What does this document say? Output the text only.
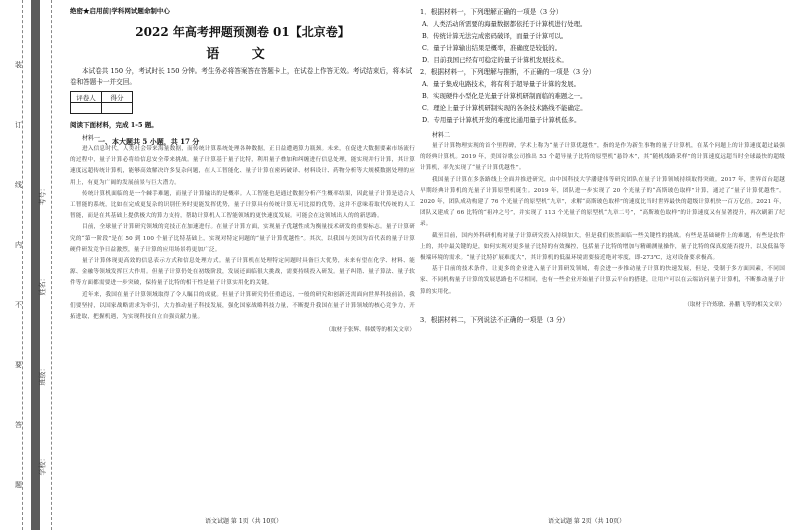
考号：
姓名：
班级：
学校：
装
订
线
内
不
要
答
题
绝密★启用前|学科网试题命制中心
2022 年高考押题预测卷 01【北京卷】
语 文
本试卷共 150 分，考试时长 150 分钟。考生务必将答案答在答题卡上，在试卷上作答无效。考试结束后，将本试卷和答题卡一并交回。
评卷人	得分

阅读下面材料，完成 1-5 题。
材料一
进入信息时代，人类社会带来海量数据，而传统计算系统处理各种数据，正日益遭遇算力瓶颈。未来，在促进大数据要素市场流行的过程中，量子计算必将给信息安全带来挑战。量子计算基于量子比特，利用量子叠加和纠缠进行信息处理，能实现并行计算，其计算速度远超传统计算机，能够高效解决许多复杂问题，在人工智能化、量子计算在密码破译、材料设计、药物分析等大规模数据处理的应用上，有更为广阔的发展前景与巨大潜力。
传统计算机面临的是一个棘手难题，而量子计算输出的是概率。人工智能也是通过数据分析产生概率结果，因此量子计算是适合人工智能的系统，比如在完成更复杂的识别任务时更能发挥优势，量子计算具有传统计算无可比拟的优势，这并不意味着取代传统的人工智能，而是在其基础上提供极大的算力支持，帮助计算机人工智能领域的更快速度发展。可能会在这领域出人的的新思路。
目前，全球量子计算研究领域的竞技正在加速进行。在量子计算方面，实现量子优越性成为衡量技术研发的重要标志。量子计算研究的“第一阶段”是在 50 到 100 个量子比特基础上，实现对特定问题的“量子计算优越性”。其次，以我国与美国为首代表的量子计算硬件研发竞争日益激烈，量子计算的应用场景将更加广泛。
量子计算体现更高效的信息表示方式和信息处理方式。量子计算机在处理特定问题时具备巨大优势，未来有望在化学、材料、能源、金融等领域发挥巨大作用。但量子计算仍处在初级阶段，发展还面临很大挑战，需要持续投入研发。量子纠错、量子算法、量子软件等方面都需要进一步突破，保持量子比特的相干性是量子计算实用化的关键。
近年来，我国在量子计算领域取得了令人瞩目的成就。但量子计算研究仍任重道远，一般的研究和创新还需面向世界科技前沿，我们要坚持，以国家战略需求为牵引，大力推动量子科技发展，强化国家战略科技力量，不断提升我国在量子计算领域的核心竞争力，开拓进取，把握机遇，为实现科技自立自强贡献力量。
（取材于张辉、韩媛等的相关文章）
一、本大题共 5 小题，共 17 分
语文试题 第 1页（共 10页）
1．根据材料一，下列理解正确的一项是（3 分）
A．人类活动所需要的海量数据都依托于计算机进行处理。
B．传统计算无法完成密码破译，而量子计算可以。
C．量子计算输出结果是概率，准确度是较低的。
D．目前我国已经有可稳定的量子计算机发展技术。
2．根据材料一，下列理解与推断，不正确的一项是（3 分）
A．量子集成电路技术，将有利于超导量子计算的发展。
B．实现硬件小型化是光量子计算机研制面临的难题之一。
C．理论上量子计算机研制实现的各条技术路线不能确定。
D．专用量子计算机开发的难度比通用量子计算机低多。
材料二
量子计算物理实现的首个里程碑，学术上称为“量子计算优越性”，指的是作为新生事物的量子计算机，在某个问题上的计算速度超过最强的经典计算机。2019 年，美国谷歌公司推出 53 个超导量子比特的原型机“悬铃木”，其“随机线路采样”的计算速度远超当时全球最快的超级计算机，率先实现了“量子计算优越性”。
我国量子计算在多条路线上全面并推进研究，由中国科技大学潘建伟等研究团队在量子计算领域持续取得突破。2017 年，世界首台超越早期经典计算机的光量子计算原型机诞生。2019 年，团队进一步实现了 20 个光量子的“高斯玻色取样”计算，通过了“量子计算优越性”。2020 年，团队成功构建了 76 个光量子的原型机“九章”，求解“高斯玻色取样”的速度比当时世界最快的超级计算机快一百万亿倍。2021 年，团队又建成了 66 比特的“祖冲之号”，并实现了 113 个光量子的原型机“九章二号”，“高斯玻色取样”的计算速度又有显著提升，再次刷新了纪录。
截至目前，国内外科研机构对量子计算研究投入持续加大，但是我们依然面临一些关键性的挑战。有些是基础硬件上的难题，有些是软件上的，其中最关键的是，如何实现对更多量子比特的有效操控，包括量子比特的增加与精确测量操作，量子比特的保真度能否提升，以及低温等极端环境的需求。“量子比特扩展难度大”，其计算机的低温环境需要接近绝对零度，即-273℃，这对设备要求极高。
基于目前的技术条件，让更多的企业进入量子计算研发领域，将会进一步推动量子计算的快速发展，但是，受制于多方面因素，不同国家、不同机构量子计算的发展思路也不尽相同，也有一些企业开始量子计算云平台的搭建，让用户可以在云端访问量子计算机，不断推动量子计算的实用化。
（取材于许炼敏、孙鹏飞等的相关文章）
3．根据材料二，下列说法不正确的一项是（3 分）
语文试题 第 2页（共 10页）
